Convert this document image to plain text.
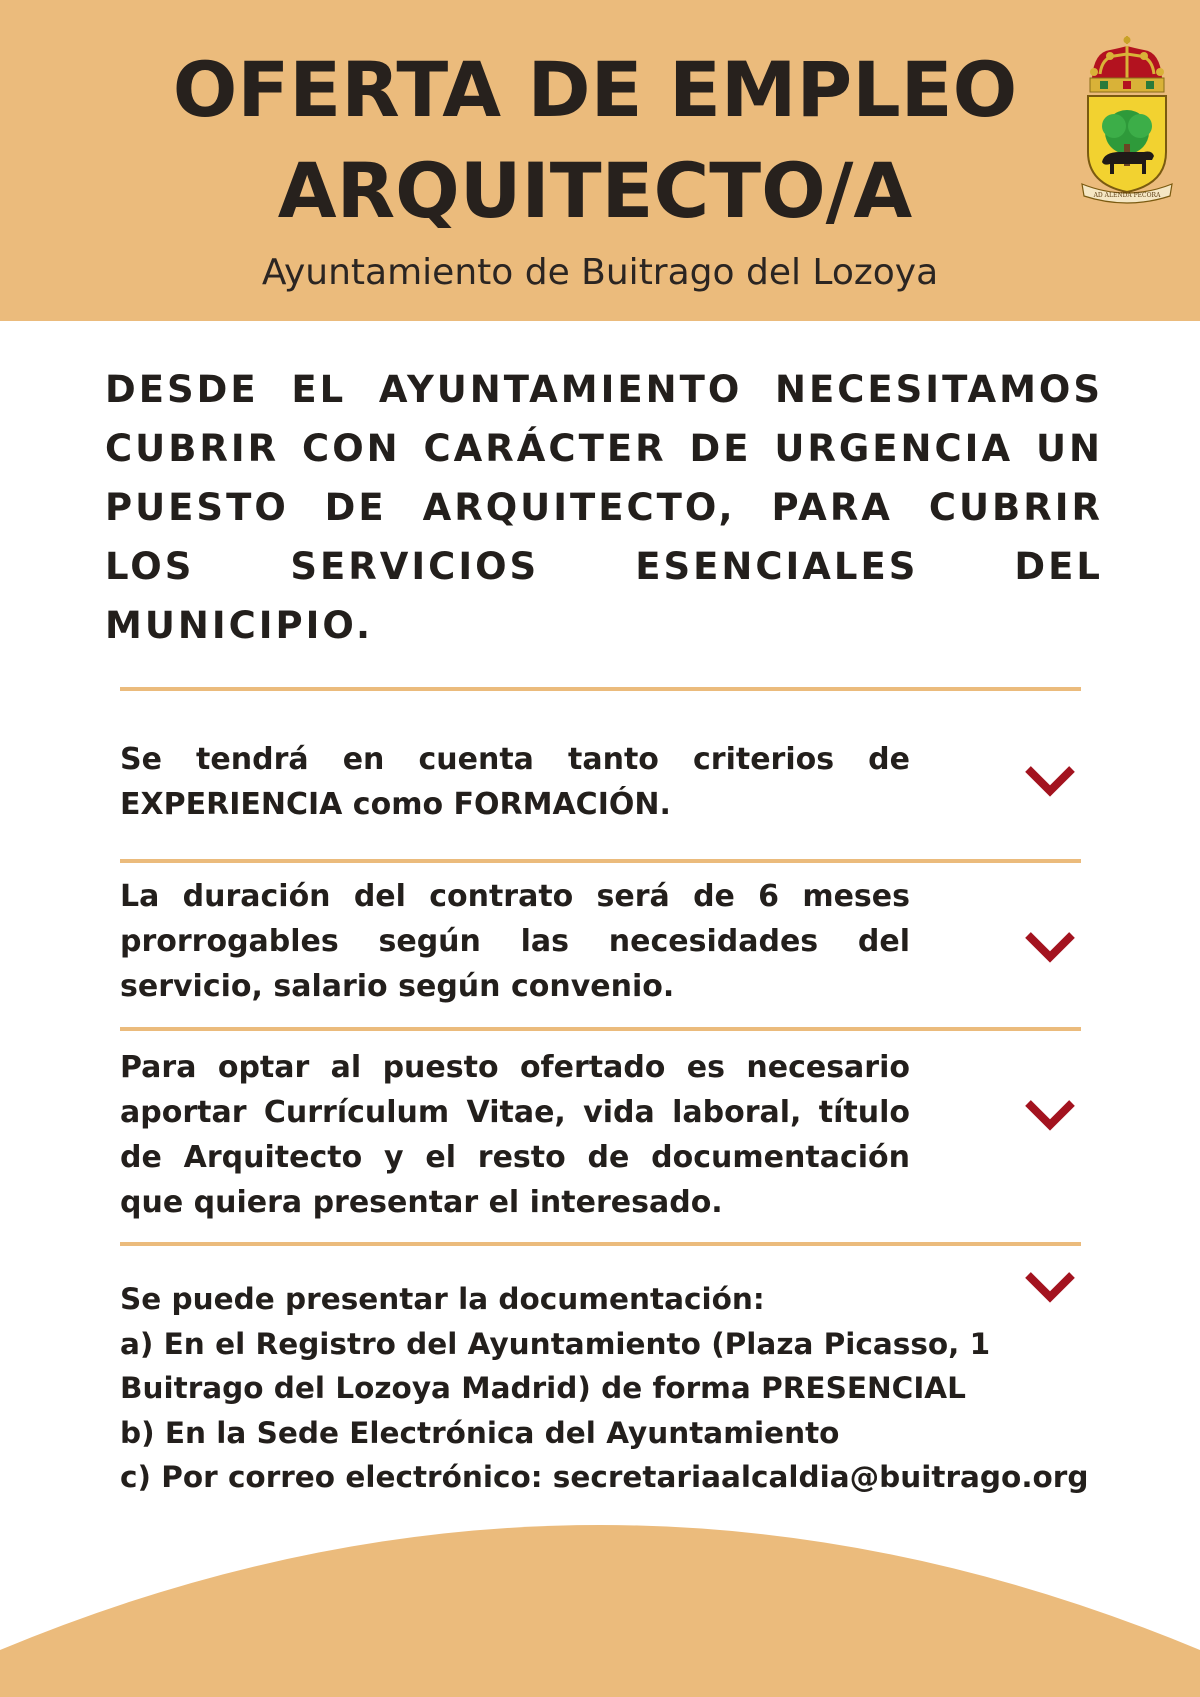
OFERTA DE EMPLEO
ARQUITECTO/A
Ayuntamiento de Buitrago del Lozoya
AD ALENDA PECORA
DESDE EL AYUNTAMIENTO NECESITAMOS CUBRIR CON CARÁCTER DE URGENCIA UN PUESTO DE ARQUITECTO, PARA CUBRIR LOS SERVICIOS ESENCIALES DEL MUNICIPIO.
Se tendrá en cuenta tanto criterios de EXPERIENCIA como FORMACIÓN.
La duración del contrato será de 6 meses prorrogables según las necesidades del servicio, salario según convenio.
Para optar al puesto ofertado es necesario aportar Currículum Vitae, vida laboral, título de Arquitecto y el resto de documentación que quiera presentar el interesado.
Se puede presentar la documentación:
a) En el Registro del Ayuntamiento (Plaza Picasso, 1
Buitrago del Lozoya Madrid) de forma PRESENCIAL
b) En la Sede Electrónica del Ayuntamiento
c) Por correo electrónico: secretariaalcaldia@buitrago.org
